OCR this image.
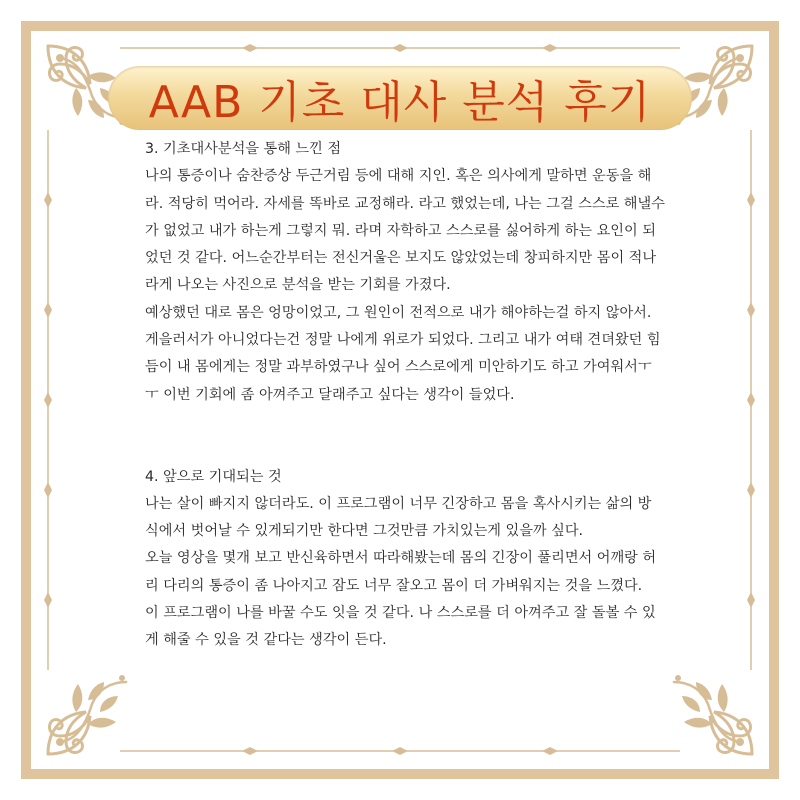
AAB 기초 대사 분석 후기

3. 기초대사분석을 통해 느낀 점

나의 통증이나 숨찬증상 두근거림 등에 대해 지인. 혹은 의사에게 말하면 운동을 해라. 적당히 먹어라. 자세를 똑바로 교정해라. 라고 했었는데, 나는 그걸 스스로 해낼수가 없었고 내가 하는게 그렇지 뭐. 라며 자학하고 스스로를 싫어하게 하는 요인이 되었던 것 같다. 어느순간부터는 전신거울은 보지도 않았었는데 창피하지만 몸이 적나라게 나오는 사진으로 분석을 받는 기회를 가졌다.

예상했던 대로 몸은 엉망이었고, 그 원인이 전적으로 내가 해야하는걸 하지 않아서. 게을러서가 아니었다는건 정말 나에게 위로가 되었다. 그리고 내가 여태 견뎌왔던 힘듬이 내 몸에게는 정말 과부하였구나 싶어 스스로에게 미안하기도 하고 가여워서ㅜㅜ 이번 기회에 좀 아껴주고 달래주고 싶다는 생각이 들었다.

4. 앞으로 기대되는 것

나는 살이 빠지지 않더라도. 이 프로그램이 너무 긴장하고 몸을 혹사시키는 삶의 방식에서 벗어날 수 있게되기만 한다면 그것만큼 가치있는게 있을까 싶다.

오늘 영상을 몇개 보고 반신육하면서 따라해봤는데 몸의 긴장이 풀리면서 어깨랑 허리 다리의 통증이 좀 나아지고 잠도 너무 잘오고 몸이 더 가벼워지는 것을 느꼈다.

이 프로그램이 나를 바꿀 수도 잇을 것 같다. 나 스스로를 더 아껴주고 잘 돌볼 수 있게 해줄 수 있을 것 같다는 생각이 든다.
